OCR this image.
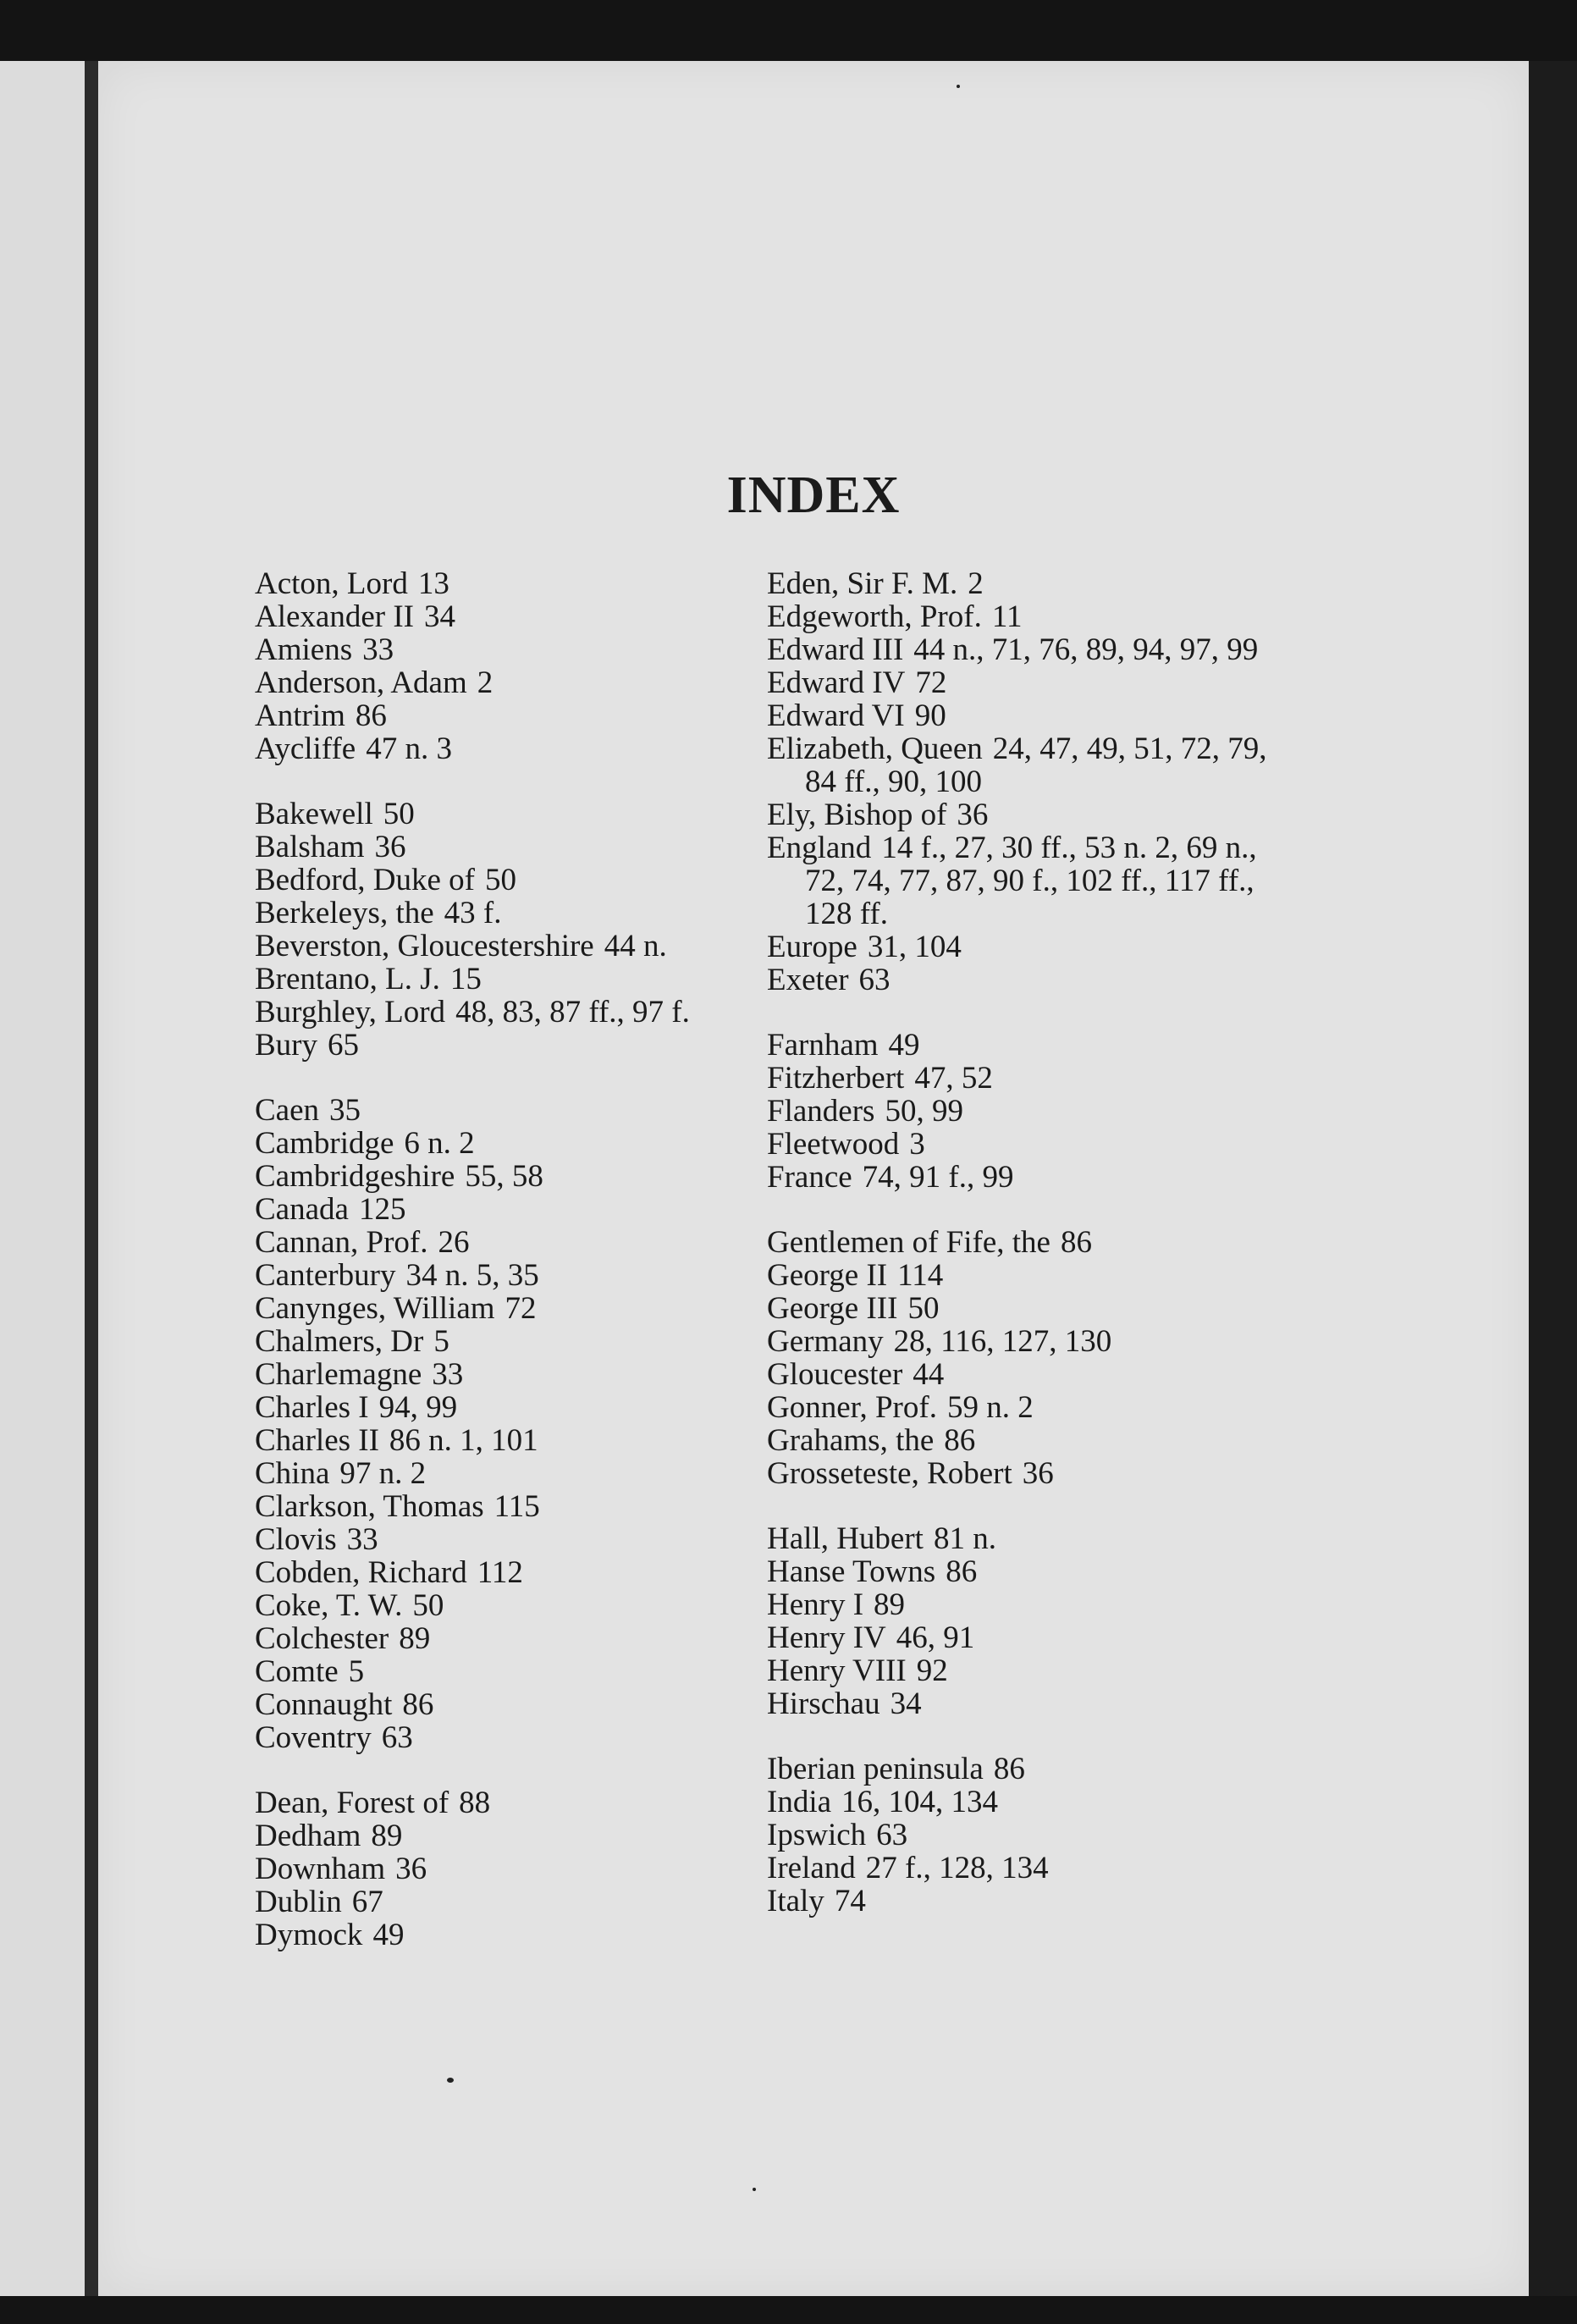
INDEX

Acton, Lord 13

Alexander II 34

Amiens 33

Anderson, Adam 2

Antrim 86

Aycliffe 47 n. 3

Bakewell 50

Balsham 36

Bedford, Duke of 50

Berkeleys, the 43 f.

Beverston, Gloucestershire 44 n.

Brentano, L. J. 15

Burghley, Lord 48, 83, 87 ff., 97 f.

Bury 65

Caen 35

Cambridge 6 n. 2

Cambridgeshire 55, 58

Canada 125

Cannan, Prof. 26

Canterbury 34 n. 5, 35

Canynges, William 72

Chalmers, Dr 5

Charlemagne 33

Charles I 94, 99

Charles II 86 n. 1, 101

China 97 n. 2

Clarkson, Thomas 115

Clovis 33

Cobden, Richard 112

Coke, T. W. 50

Colchester 89

Comte 5

Connaught 86

Coventry 63

Dean, Forest of 88

Dedham 89

Downham 36

Dublin 67

Dymock 49

Eden, Sir F. M. 2

Edgeworth, Prof. 11

Edward III 44 n., 71, 76, 89, 94, 97, 99

Edward IV 72

Edward VI 90

Elizabeth, Queen 24, 47, 49, 51, 72, 79, 84 ff., 90, 100

Ely, Bishop of 36

England 14 f., 27, 30 ff., 53 n. 2, 69 n., 72, 74, 77, 87, 90 f., 102 ff., 117 ff., 128 ff.

Europe 31, 104

Exeter 63

Farnham 49

Fitzherbert 47, 52

Flanders 50, 99

Fleetwood 3

France 74, 91 f., 99

Gentlemen of Fife, the 86

George II 114

George III 50

Germany 28, 116, 127, 130

Gloucester 44

Gonner, Prof. 59 n. 2

Grahams, the 86

Grosseteste, Robert 36

Hall, Hubert 81 n.

Hanse Towns 86

Henry I 89

Henry IV 46, 91

Henry VIII 92

Hirschau 34

Iberian peninsula 86

India 16, 104, 134

Ipswich 63

Ireland 27 f., 128, 134

Italy 74
